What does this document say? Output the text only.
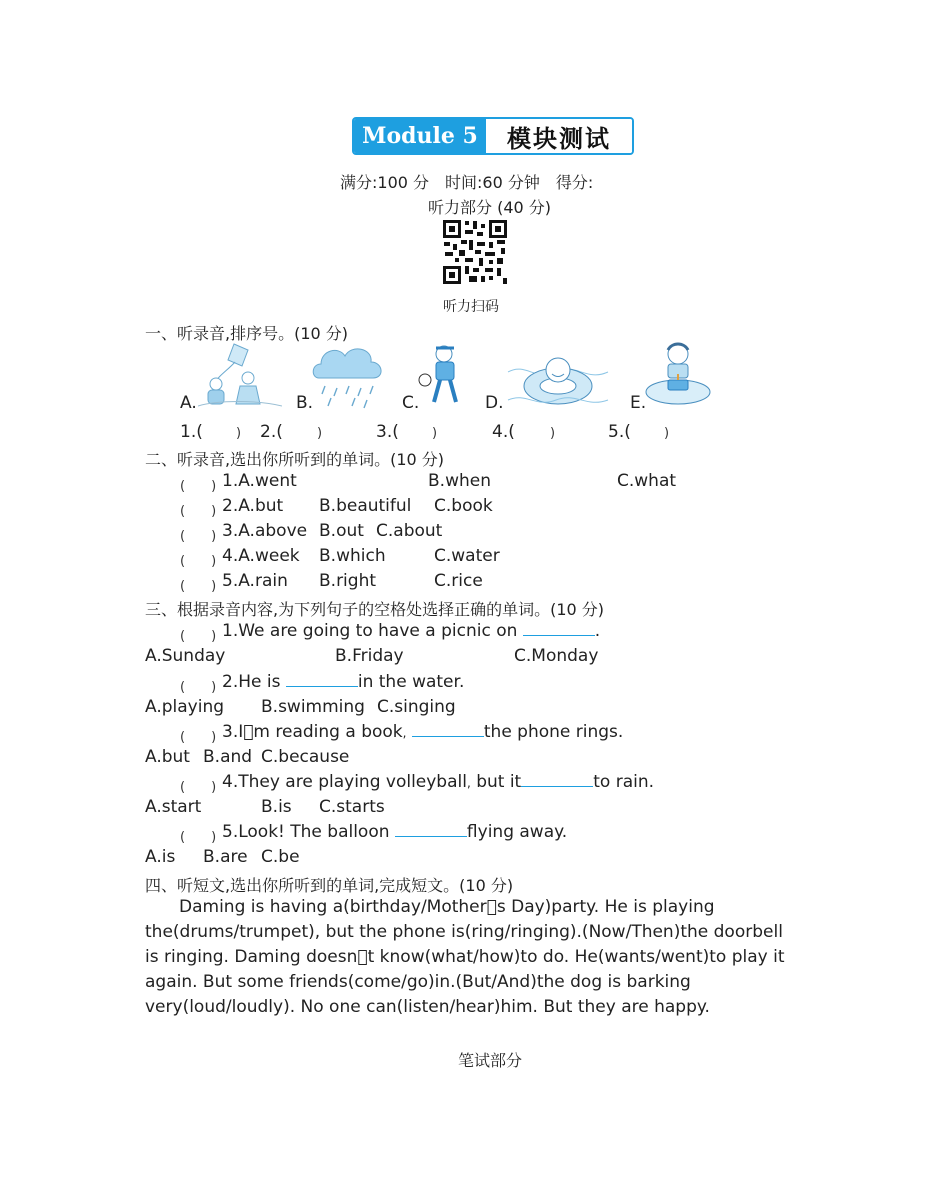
Module 5	模块测试
满分:100 分　时间:60 分钟　得分:
听力部分 (40 分)
听力扫码
一、听录音,排序号。(10 分)
A.	B.	C.	D.	E.
1.(	) 2.(	)	3.(	)	4.(	)	5.(	)
二、听录音,选出你所听到的单词。(10 分)
(　　) 1.A.went	B.when	C.what
(　　) 2.A.but B.beautiful C.book
(　　) 3.A.above B.out C.about
(　　) 4.A.week B.which	C.water
(　　) 5.A.rain B.right	C.rice
三、根据录音内容,为下列句子的空格处选择正确的单词。(10 分)
(　　) 1.We are going to have a picnic on	.
A.Sunday	B.Friday	C.Monday
(　　) 2.He is	in the water.
A.playing B.swimming C.singing
(　　) 3.I m reading a book,	the phone rings.
A.but B.and C.because
(　　) 4.They are playing volleyball, but it	to rain.
A.start	B.is C.starts
(　　) 5.Look! The balloon	flying away.
A.is B.are C.be
四、听短文,选出你所听到的单词,完成短文。(10 分)
　　Daming is having a(birthday/Mother s Day)party. He is playing
the(drums/trumpet), but the phone is(ring/ringing).(Now/Then)the doorbell
is ringing. Daming doesn t know(what/how)to do. He(wants/went)to play it
again. But some friends(come/go)in.(But/And)the dog is barking
very(loud/loudly). No one can(listen/hear)him. But they are happy.
笔试部分
